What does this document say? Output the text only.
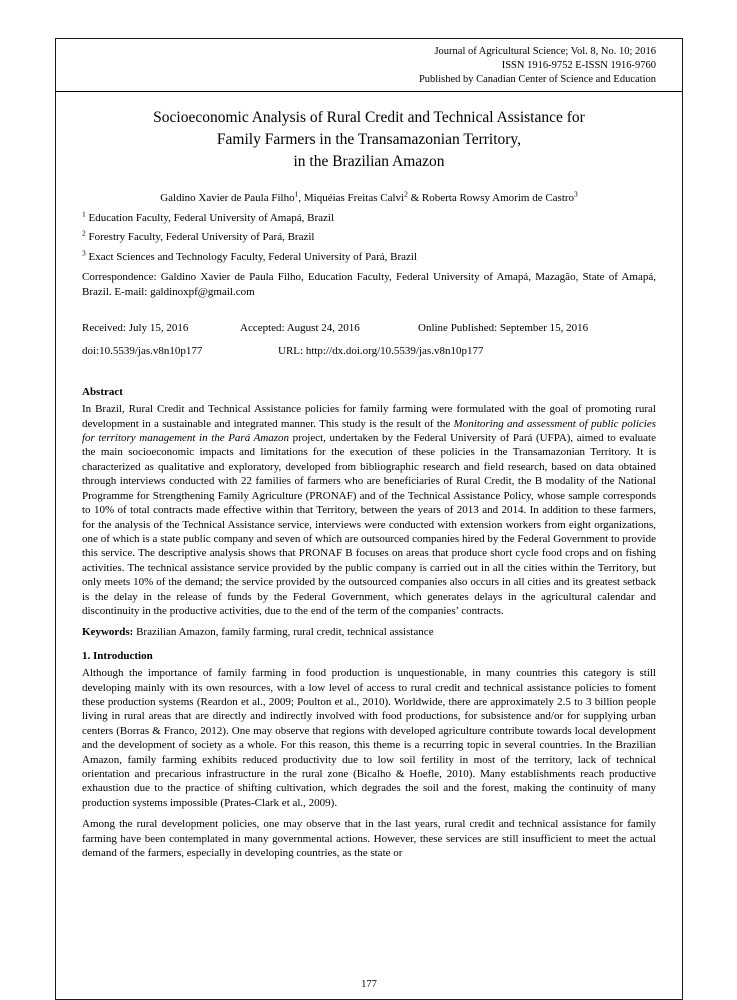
Journal of Agricultural Science; Vol. 8, No. 10; 2016
ISSN 1916-9752 E-ISSN 1916-9760
Published by Canadian Center of Science and Education
Socioeconomic Analysis of Rural Credit and Technical Assistance for
Family Farmers in the Transamazonian Territory,
in the Brazilian Amazon

Galdino Xavier de Paula Filho$^1$, Miquéias Freitas Calvi$^2$ & Roberta Rowsy Amorim de Castro$^3$

$^1$ Education Faculty, Federal University of Amapá, Brazil

$^2$ Forestry Faculty, Federal University of Pará, Brazil

$^3$ Exact Sciences and Technology Faculty, Federal University of Pará, Brazil

Correspondence: Galdino Xavier de Paula Filho, Education Faculty, Federal University of Amapá, Mazagão, State of Amapá, Brazil. E-mail: galdinoxpf@gmail.com

Received: July 15, 2016	Accepted: August 24, 2016	Online Published: September 15, 2016

doi:10.5539/jas.v8n10p177	URL: http://dx.doi.org/10.5539/jas.v8n10p177

Abstract

In Brazil, Rural Credit and Technical Assistance policies for family farming were formulated with the goal of promoting rural development in a sustainable and integrated manner. This study is the result of the Monitoring and assessment of public policies for territory management in the Pará Amazon project, undertaken by the Federal University of Pará (UFPA), aimed to evaluate the main socioeconomic impacts and limitations for the execution of these policies in the Transamazonian Territory. It is characterized as qualitative and exploratory, developed from bibliographic research and field research, based on data obtained through interviews conducted with 22 families of farmers who are beneficiaries of Rural Credit, the B modality of the National Programme for Strengthening Family Agriculture (PRONAF) and of the Technical Assistance Policy, whose sample corresponds to 10% of total contracts made effective within that Territory, between the years of 2013 and 2014. In addition to these farmers, for the analysis of the Technical Assistance service, interviews were conducted with extension workers from eight organizations, one of which is a state public company and seven of which are outsourced companies hired by the Federal Government to provide this service. The descriptive analysis shows that PRONAF B focuses on areas that produce short cycle food crops and on fishing activities. The technical assistance service provided by the public company is carried out in all the cities within the Territory, but only meets 10% of the demand; the service provided by the outsourced companies also occurs in all cities and its greatest setback is the delay in the release of funds by the Federal Government, which generates delays in the agricultural calendar and discontinuity in the productive activities, due to the end of the term of the companies’ contracts.

Keywords: Brazilian Amazon, family farming, rural credit, technical assistance

1. Introduction

Although the importance of family farming in food production is unquestionable, in many countries this category is still developing mainly with its own resources, with a low level of access to rural credit and technical assistance policies to foment these production systems (Reardon et al., 2009; Poulton et al., 2010). Worldwide, there are approximately 2.5 to 3 billion people living in rural areas that are directly and indirectly involved with food productions, for subsistence and/or for supplying urban centers (Borras & Franco, 2012). One may observe that regions with developed agriculture contribute towards local development and the development of society as a whole. For this reason, this theme is a recurring topic in several countries. In the Brazilian Amazon, family farming exhibits reduced productivity due to low soil fertility in most of the territory, lack of technical orientation and precarious infrastructure in the rural zone (Bicalho & Hoefle, 2010). Many establishments reach productive exhaustion due to the practice of shifting cultivation, which degrades the soil and the forest, making the continuity of many production systems impossible (Prates-Clark et al., 2009).

Among the rural development policies, one may observe that in the last years, rural credit and technical assistance for family farming have been contemplated in many governmental actions. However, these services are still insufficient to meet the actual demand of the farmers, especially in developing countries, as the state or

177
